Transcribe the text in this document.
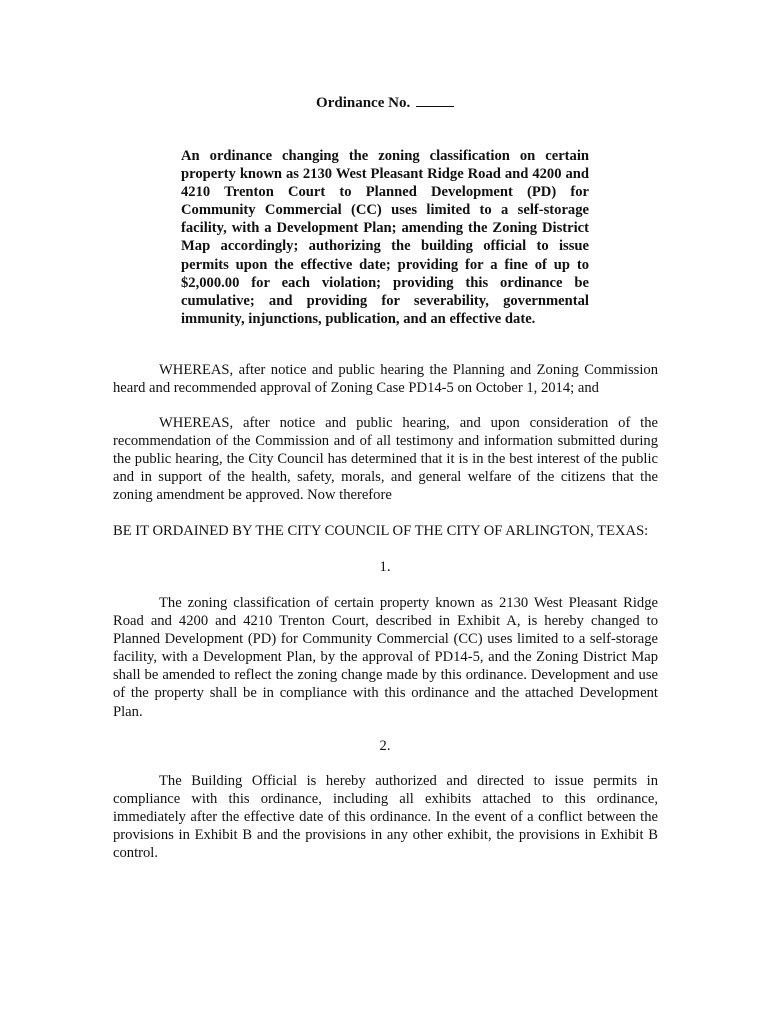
Ordinance No.
An ordinance changing the zoning classification on certain property known as 2130 West Pleasant Ridge Road and 4200 and 4210 Trenton Court to Planned Development (PD) for Community Commercial (CC) uses limited to a self-storage facility, with a Development Plan; amending the Zoning District Map accordingly; authorizing the building official to issue permits upon the effective date; providing for a fine of up to $2,000.00 for each violation; providing this ordinance be cumulative; and providing for severability, governmental immunity, injunctions, publication, and an effective date.

WHEREAS, after notice and public hearing the Planning and Zoning Commission heard and recommended approval of Zoning Case PD14-5 on October 1, 2014; and

WHEREAS, after notice and public hearing, and upon consideration of the recommendation of the Commission and of all testimony and information submitted during the public hearing, the City Council has determined that it is in the best interest of the public and in support of the health, safety, morals, and general welfare of the citizens that the zoning amendment be approved. Now therefore

BE IT ORDAINED BY THE CITY COUNCIL OF THE CITY OF ARLINGTON, TEXAS:

1.

The zoning classification of certain property known as 2130 West Pleasant Ridge Road and 4200 and 4210 Trenton Court, described in Exhibit A, is hereby changed to Planned Development (PD) for Community Commercial (CC) uses limited to a self-storage facility, with a Development Plan, by the approval of PD14-5, and the Zoning District Map shall be amended to reflect the zoning change made by this ordinance. Development and use of the property shall be in compliance with this ordinance and the attached Development Plan.

2.

The Building Official is hereby authorized and directed to issue permits in compliance with this ordinance, including all exhibits attached to this ordinance, immediately after the effective date of this ordinance. In the event of a conflict between the provisions in Exhibit B and the provisions in any other exhibit, the provisions in Exhibit B control.
